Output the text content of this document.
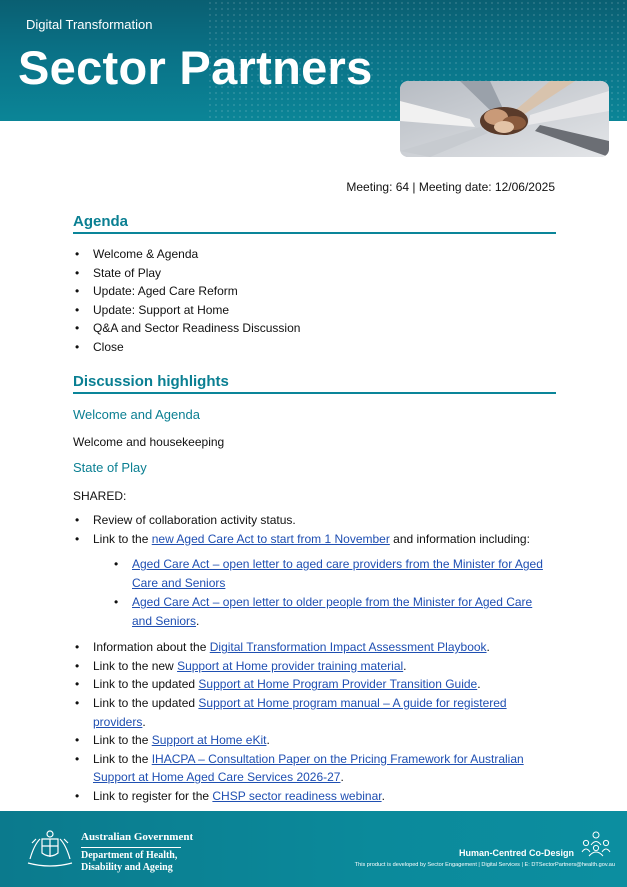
Digital Transformation
Sector Partners
Meeting: 64 | Meeting date: 12/06/2025
Agenda
• Welcome & Agenda
• State of Play
• Update: Aged Care Reform
• Update: Support at Home
• Q&A and Sector Readiness Discussion
• Close
Discussion highlights
Welcome and Agenda
Welcome and housekeeping
State of Play
SHARED:
• Review of collaboration activity status.
• Link to the new Aged Care Act to start from 1 November and information including:
• Aged Care Act – open letter to aged care providers from the Minister for Aged Care and Seniors
• Aged Care Act – open letter to older people from the Minister for Aged Care and Seniors.
• Information about the Digital Transformation Impact Assessment Playbook.
• Link to the new Support at Home provider training material.
• Link to the updated Support at Home Program Provider Transition Guide.
• Link to the updated Support at Home program manual – A guide for registered providers.
• Link to the Support at Home eKit.
• Link to the IHACPA – Consultation Paper on the Pricing Framework for Australian Support at Home Aged Care Services 2026-27.
• Link to register for the CHSP sector readiness webinar.
Australian Government
Department of Health,
Disability and Ageing
Human-Centred Co-Design
This product is developed by Sector Engagement | Digital Services | E: DTSectorPartners@health.gov.au
